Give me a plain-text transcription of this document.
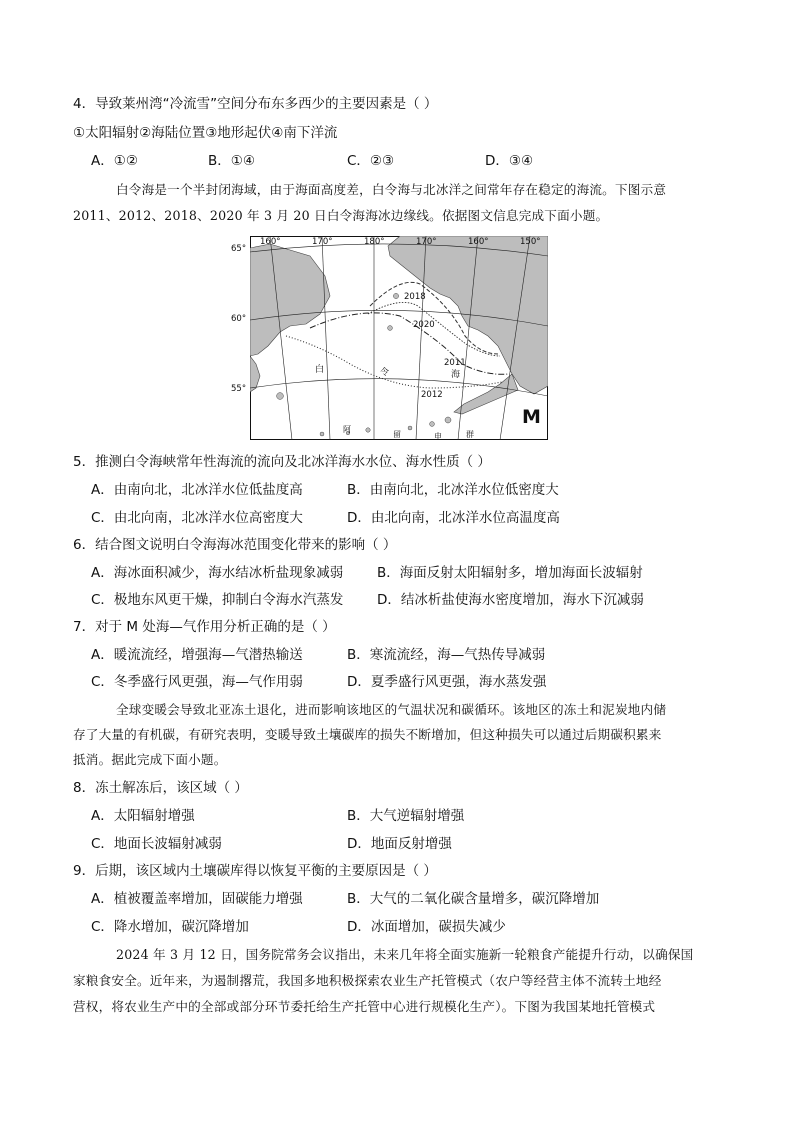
4．导致莱州湾“冷流雪”空间分布东多西少的主要因素是（ ）
①太阳辐射②海陆位置③地形起伏④南下洋流
A．①②	B．①④	C．②③	D．③④
白令海是一个半封闭海域，由于海面高度差，白令海与北冰洋之间常年存在稳定的海流。下图示意
2011、2012、2018、2020 年 3 月 20 日白令海海冰边缘线。依据图文信息完成下面小题。
160°	170°	180°	170°	160°	150°
65°
60°
55°
2018
2020
2011
2012
白	令	海
阿
留	申	群
M
5．推测白令海峡常年性海流的流向及北冰洋海水水位、海水性质（ ）
A．由南向北，北冰洋水位低盐度高	B．由南向北，北冰洋水位低密度大
C．由北向南，北冰洋水位高密度大	D．由北向南，北冰洋水位高温度高
6．结合图文说明白令海海冰范围变化带来的影响（ ）
A．海冰面积减少，海水结冰析盐现象减弱	B．海面反射太阳辐射多，增加海面长波辐射
C．极地东风更干燥，抑制白令海水汽蒸发 D．结冰析盐使海水密度增加，海水下沉减弱
7．对于 M 处海—气作用分析正确的是（ ）
A．暖流流经，增强海—气潜热输送	B．寒流流经，海—气热传导减弱
C．冬季盛行风更强，海—气作用弱	D．夏季盛行风更强，海水蒸发强
全球变暖会导致北亚冻土退化，进而影响该地区的气温状况和碳循环。该地区的冻土和泥炭地内储
存了大量的有机碳，有研究表明，变暖导致土壤碳库的损失不断增加，但这种损失可以通过后期碳积累来
抵消。据此完成下面小题。
8．冻土解冻后，该区域（ ）
A．太阳辐射增强	B．大气逆辐射增强
C．地面长波辐射减弱	D．地面反射增强
9．后期，该区域内土壤碳库得以恢复平衡的主要原因是（ ）
A．植被覆盖率增加，固碳能力增强	B．大气的二氧化碳含量增多，碳沉降增加
C．降水增加，碳沉降增加	D．冰面增加，碳损失减少
2024 年 3 月 12 日，国务院常务会议指出，未来几年将全面实施新一轮粮食产能提升行动，以确保国
家粮食安全。近年来，为遏制撂荒，我国多地积极探索农业生产托管模式（农户等经营主体不流转土地经
营权，将农业生产中的全部或部分环节委托给生产托管中心进行规模化生产）。下图为我国某地托管模式
